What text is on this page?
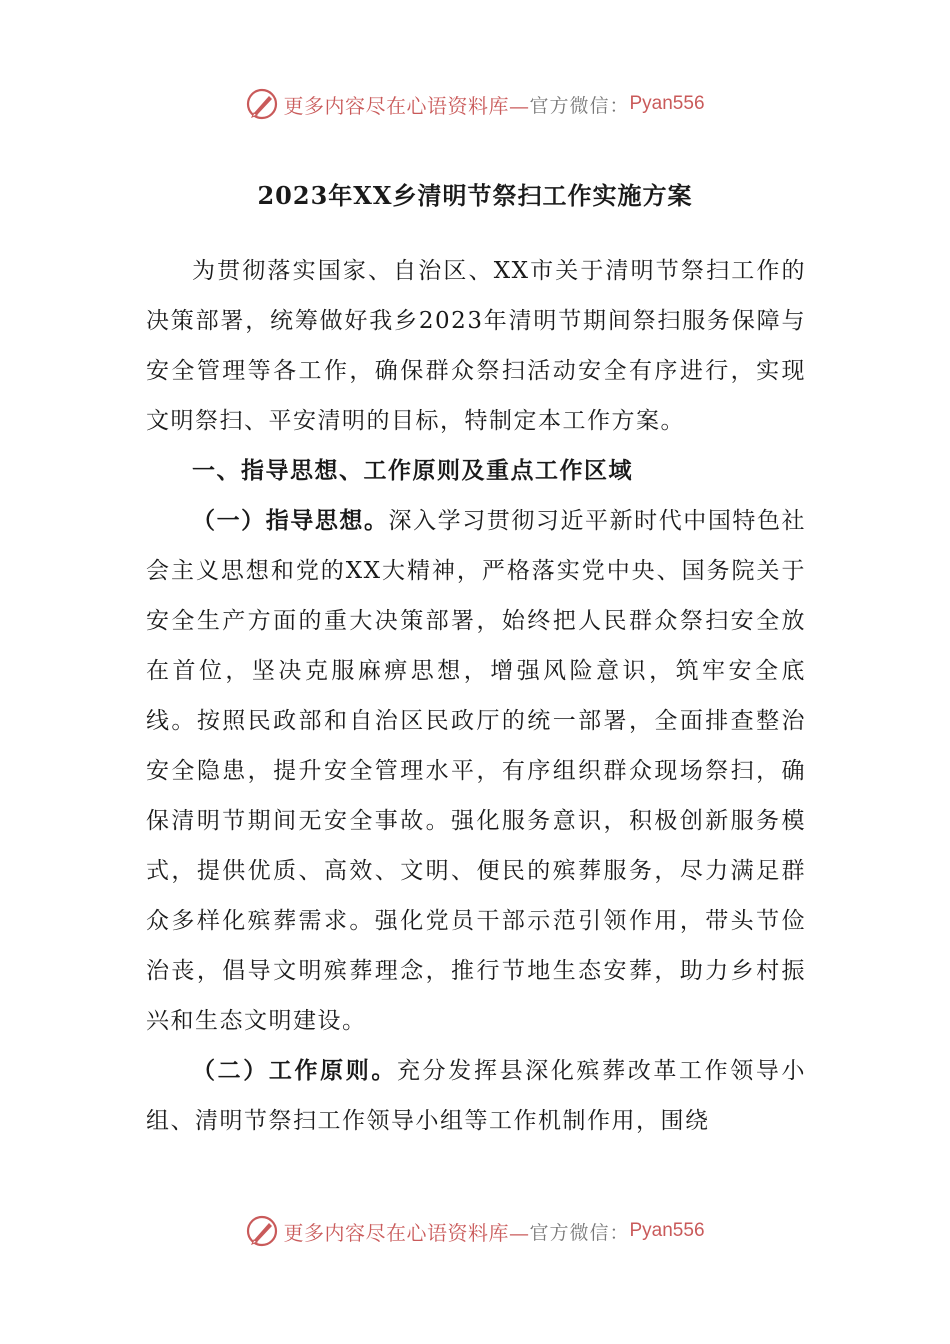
更多内容尽在心语资料库— 官方微信： Pyan556
2023年XX乡清明节祭扫工作实施方案

为贯彻落实国家、自治区、XX市关于清明节祭扫工作的决策部署，统筹做好我乡2023年清明节期间祭扫服务保障与安全管理等各工作，确保群众祭扫活动安全有序进行，实现文明祭扫、平安清明的目标，特制定本工作方案。

一、指导思想、工作原则及重点工作区域

（一）指导思想。深入学习贯彻习近平新时代中国特色社会主义思想和党的XX大精神，严格落实党中央、国务院关于安全生产方面的重大决策部署，始终把人民群众祭扫安全放在首位，坚决克服麻痹思想，增强风险意识，筑牢安全底线。按照民政部和自治区民政厅的统一部署，全面排查整治安全隐患，提升安全管理水平，有序组织群众现场祭扫，确保清明节期间无安全事故。强化服务意识，积极创新服务模式，提供优质、高效、文明、便民的殡葬服务，尽力满足群众多样化殡葬需求。强化党员干部示范引领作用，带头节俭治丧，倡导文明殡葬理念，推行节地生态安葬，助力乡村振兴和生态文明建设。

（二）工作原则。充分发挥县深化殡葬改革工作领导小组、清明节祭扫工作领导小组等工作机制作用，围绕

更多内容尽在心语资料库— 官方微信： Pyan556
